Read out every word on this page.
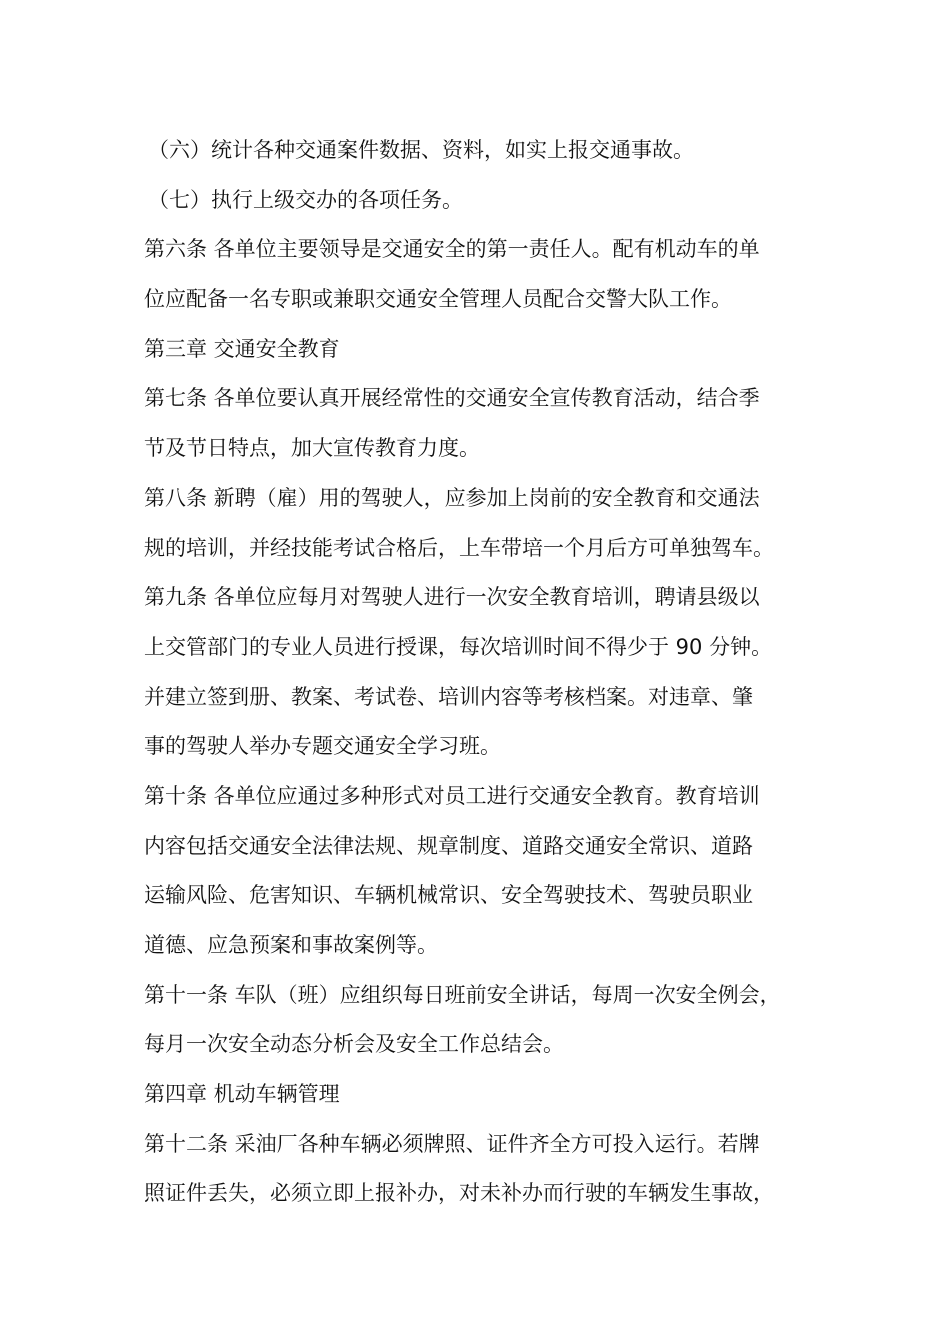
（六）统计各种交通案件数据、资料，如实上报交通事故。
（七）执行上级交办的各项任务。
第六条 各单位主要领导是交通安全的第一责任人。配有机动车的单
位应配备一名专职或兼职交通安全管理人员配合交警大队工作。
第三章 交通安全教育
第七条 各单位要认真开展经常性的交通安全宣传教育活动，结合季
节及节日特点，加大宣传教育力度。
第八条 新聘（雇）用的驾驶人，应参加上岗前的安全教育和交通法
规的培训，并经技能考试合格后，上车带培一个月后方可单独驾车。
第九条 各单位应每月对驾驶人进行一次安全教育培训，聘请县级以
上交管部门的专业人员进行授课，每次培训时间不得少于 90 分钟。
并建立签到册、教案、考试卷、培训内容等考核档案。对违章、肇
事的驾驶人举办专题交通安全学习班。
第十条 各单位应通过多种形式对员工进行交通安全教育。教育培训
内容包括交通安全法律法规、规章制度、道路交通安全常识、道路
运输风险、危害知识、车辆机械常识、安全驾驶技术、驾驶员职业
道德、应急预案和事故案例等。
第十一条 车队（班）应组织每日班前安全讲话，每周一次安全例会，
每月一次安全动态分析会及安全工作总结会。
第四章 机动车辆管理
第十二条 采油厂各种车辆必须牌照、证件齐全方可投入运行。若牌
照证件丢失，必须立即上报补办，对未补办而行驶的车辆发生事故，
